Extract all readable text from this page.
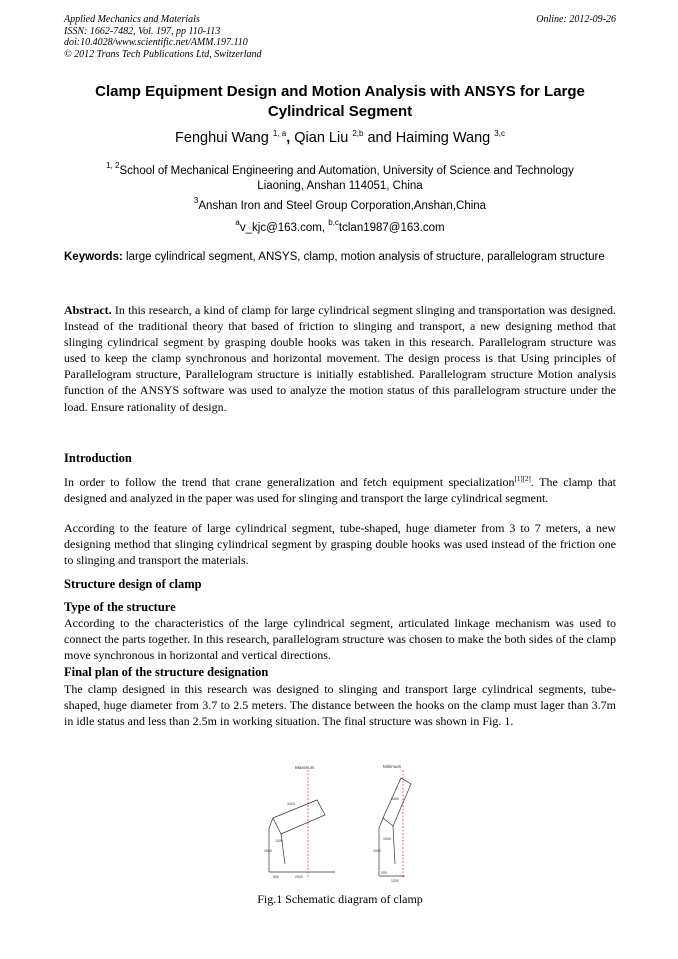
Applied Mechanics and Materials
ISSN: 1662-7482, Vol. 197, pp 110-113
doi:10.4028/www.scientific.net/AMM.197.110
© 2012 Trans Tech Publications Ltd, Switzerland
Online: 2012-09-26
Clamp Equipment Design and Motion Analysis with ANSYS for Large
Cylindrical Segment
Fenghui Wang $^{1, a}$, Qian Liu $^{2,b}$ and Haiming Wang $^{3,c}$
$^{1, 2}$School of Mechanical Engineering and Automation, University of Science and Technology
Liaoning, Anshan 114051, China
$^3$Anshan Iron and Steel Group Corporation,Anshan,China
$^a$v_kjc@163.com, $^{b,c}$tclan1987@163.com
Keywords: large cylindrical segment, ANSYS, clamp, motion analysis of structure, parallelogram structure
Abstract. In this research, a kind of clamp for large cylindrical segment slinging and transportation was designed. Instead of the traditional theory that based of friction to slinging and transport, a new designing method that slinging cylindrical segment by grasping double hooks was taken in this research. Parallelogram structure was used to keep the clamp synchronous and horizontal movement. The design process is that Using principles of Parallelogram structure, Parallelogram structure is initially established. Parallelogram structure Motion analysis function of the ANSYS software was used to analyze the motion status of this parallelogram structure under the load. Ensure rationality of design.
Introduction
In order to follow the trend that crane generalization and fetch equipment specialization[1][2]. The clamp that designed and analyzed in the paper was used for slinging and transport the large cylindrical segment.
According to the feature of large cylindrical segment, tube-shaped, huge diameter from 3 to 7 meters, a new designing method that slinging cylindrical segment by grasping double hooks was used instead of the friction one to slinging and transport the materials.
Structure design of clamp
Type of the structure
According to the characteristics of the large cylindrical segment, articulated linkage mechanism was used to connect the parts together. In this research, parallelogram structure was chosen to make the both sides of the clamp move synchronous in horizontal and vertical directions.
Final plan of the structure designation
The clamp designed in this research was designed to slinging and transport large cylindrical segments, tube-shaped, huge diameter from 3.7 to 2.5 meters. The distance between the hooks on the clamp must lager than 3.7m in idle status and less than 2.5m in working situation. The final structure was shown in Fig. 1.
Maximum
3400
2000
1000
500	2000
Minimum
3400
2000
1000
200
1200
Fig.1 Schematic diagram of clamp
